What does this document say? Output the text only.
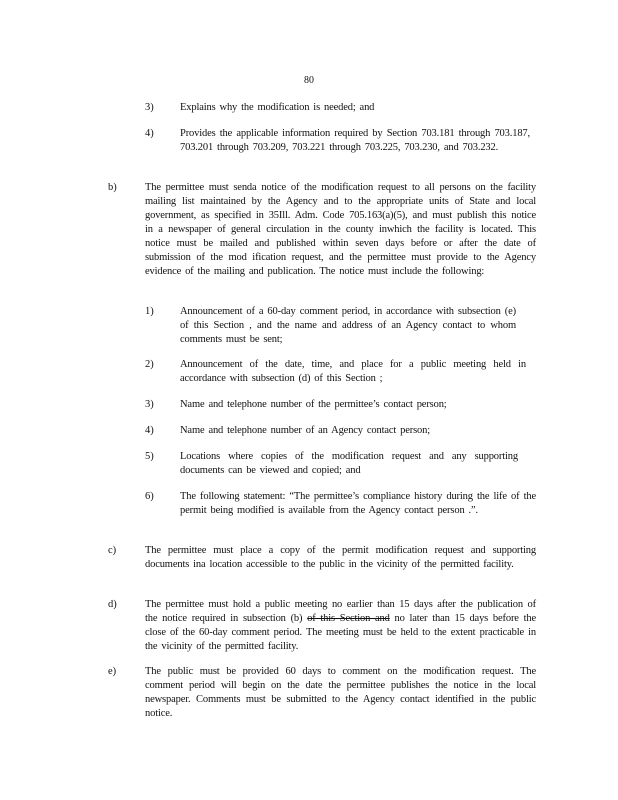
80
3)	Explains why the modification is needed; and
4)	Provides the applicable information required by Section 703.181 through 703.187, 703.201 through 703.209, 703.221 through 703.225, 703.230, and 703.232.
b)	The permittee must senda notice of the modification request to all persons on the facility mailing list maintained by the Agency and to the appropriate units of State and local government, as specified in 35Ill. Adm. Code 705.163(a)(5), and must publish this notice in a newspaper of general circulation in the county inwhich the facility is located. This notice must be mailed and published within seven days before or after the date of submission of the mod ification request, and the permittee must provide to the Agency evidence of the mailing and publication. The notice must include the following:
1)	Announcement of a 60-day comment period, in accordance with subsection (e) of this Section , and the name and address of an Agency contact to whom comments must be sent;
2)	Announcement of the date, time, and place for a public meeting held in accordance with subsection (d) of this Section ;
3)	Name and telephone number of the permittee’s contact person;
4)	Name and telephone number of an Agency contact person;
5)	Locations where copies of the modification request and any supporting documents can be viewed and copied; and
6)	The following statement: “The permittee’s compliance history during the life of the permit being modified is available from the Agency contact person .”.
c)	The permittee must place a copy of the permit modification request and supporting documents ina location accessible to the public in the vicinity of the permitted facility.
d)	The permittee must hold a public meeting no earlier than 15 days after the publication of the notice required in subsection (b) of this Section and no later than 15 days before the close of the 60-day comment period. The meeting must be held to the extent practicable in the vicinity of the permitted facility.
e)	The public must be provided 60 days to comment on the modification request. The comment period will begin on the date the permittee publishes the notice in the local newspaper. Comments must be submitted to the Agency contact identified in the public notice.
